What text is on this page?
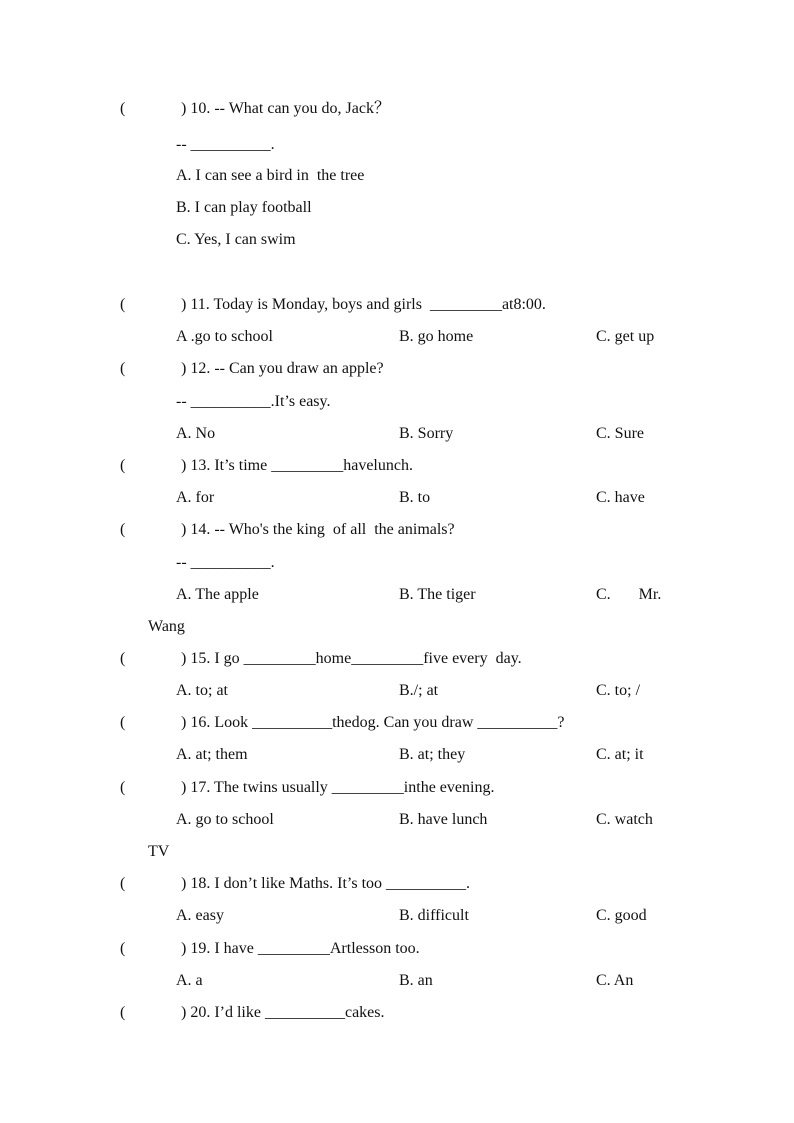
(	) 10. -- What can you do, Jack？
-- __________.
A. I can see a bird in  the tree
B. I can play football
C. Yes, I can swim
(	) 11. Today is Monday, boys and girls  _________at8:00.
A .go to school	B. go home	C. get up
(	) 12. -- Can you draw an apple?
-- __________.It’s easy.
A. No	B. Sorry	C. Sure
(	) 13. It’s time _________havelunch.
A. for	B. to	C. have
(	) 14. -- Who's the king  of all  the animals?
-- __________.
A. The apple	B. The tiger	C.       Mr.
Wang
(	) 15. I go _________home_________five every  day.
A. to; at	B./; at	C. to; /
(	) 16. Look __________thedog. Can you draw __________?
A. at; them	B. at; they	C. at; it
(	) 17. The twins usually _________inthe evening.
A. go to school	B. have lunch	C. watch
TV
(	) 18. I don’t like Maths. It’s too __________.
A. easy	B. difficult	C. good
(	) 19. I have _________Artlesson too.
A. a	B. an	C. An
(	) 20. I’d like __________cakes.
